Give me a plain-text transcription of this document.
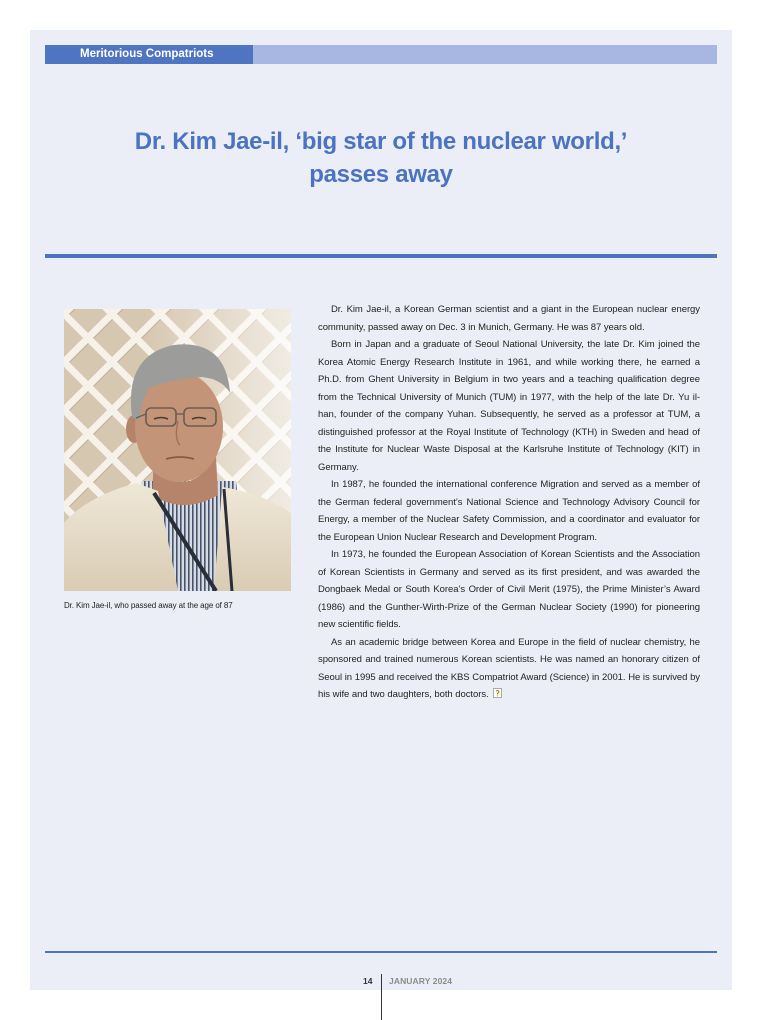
Meritorious Compatriots
Dr. Kim Jae-il, ‘big star of the nuclear world,’
passes away
Dr. Kim Jae-il, who passed away at the age of 87

Dr. Kim Jae-il, a Korean German scientist and a giant in the European nuclear energy community, passed away on Dec. 3 in Munich, Germany. He was 87 years old.

Born in Japan and a graduate of Seoul National University, the late Dr. Kim joined the Korea Atomic Energy Research Institute in 1961, and while working there, he earned a Ph.D. from Ghent University in Belgium in two years and a teaching qualification degree from the Technical University of Munich (TUM) in 1977, with the help of the late Dr. Yu il-han, founder of the company Yuhan. Subsequently, he served as a professor at TUM, a distinguished professor at the Royal Institute of Technology (KTH) in Sweden and head of the Institute for Nuclear Waste Disposal at the Karlsruhe Institute of Technology (KIT) in Germany.

In 1987, he founded the international conference Migration and served as a member of the German federal government’s National Science and Technology Advisory Council for Energy, a member of the Nuclear Safety Commission, and a coordinator and evaluator for the European Union Nuclear Research and Development Program.

In 1973, he founded the European Association of Korean Scientists and the Association of Korean Scientists in Germany and served as its first president, and was awarded the Dongbaek Medal or South Korea’s Order of Civil Merit (1975), the Prime Minister’s Award (1986) and the Gunther-Wirth-Prize of the German Nuclear Society (1990) for pioneering new scientific fields.

As an academic bridge between Korea and Europe in the field of nuclear chemistry, he sponsored and trained numerous Korean scientists. He was named an honorary citizen of Seoul in 1995 and received the KBS Compatriot Award (Science) in 2001. He is survived by his wife and two daughters, both doctors.

14 JANUARY 2024
